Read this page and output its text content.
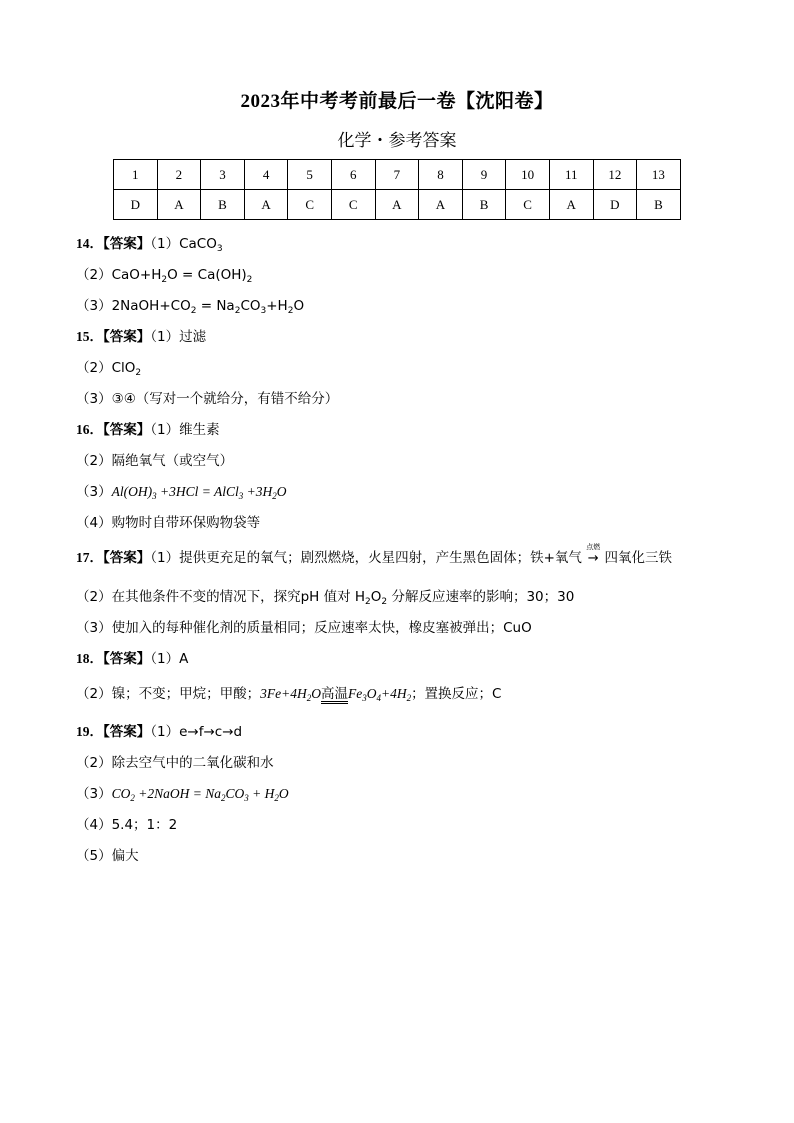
2023年中考考前最后一卷【沈阳卷】
化学・参考答案
1	2	3	4	5	6	7	8	9	10	11	12	13
D	A	B	A	C	C	A	A	B	C	A	D	B
14．【答案】（1）CaCO$_3$
$(2)CaO+H_2O = Ca(OH)_2$
$(3)2NaOH+CO_2 = Na_2CO_3+H_2O$
15．【答案】（1）过滤
（2）ClO$_2$
（3）③④（写对一个就给分，有错不给分）
16．【答案】（1）维生素
（2）隔绝氧气（或空气）
$(3)Al(OH)_3 +3HCl$ = AlCl$_3$ $+3H_2O$
（4）购物时自带环保购物袋等
17．【答案】（1）提供更充足的氧气；剧烈燃烧，火星四射，产生黑色固体；铁+氧气
点燃
→ 四氧化三铁
（2）在其他条件不变的情况下，探究pH 值对 $H_2O_2$ 分解反应速率的影响；30；30
（3）使加入的每种催化剂的质量相同；反应速率太快，橡皮塞被弹出；CuO
18．【答案】（1）A
（2）镍；不变；甲烷；甲酸；$3Fe+4H_2O$高温$Fe_3O_4+4H_2$；置换反应；C
19．【答案】（1）e→f→c→d
（2）除去空气中的二氧化碳和水
$(3)CO_2$ +2NaOH = $Na_2CO_3 + H_2O$
（4）5.4；1：2
（5）偏大
